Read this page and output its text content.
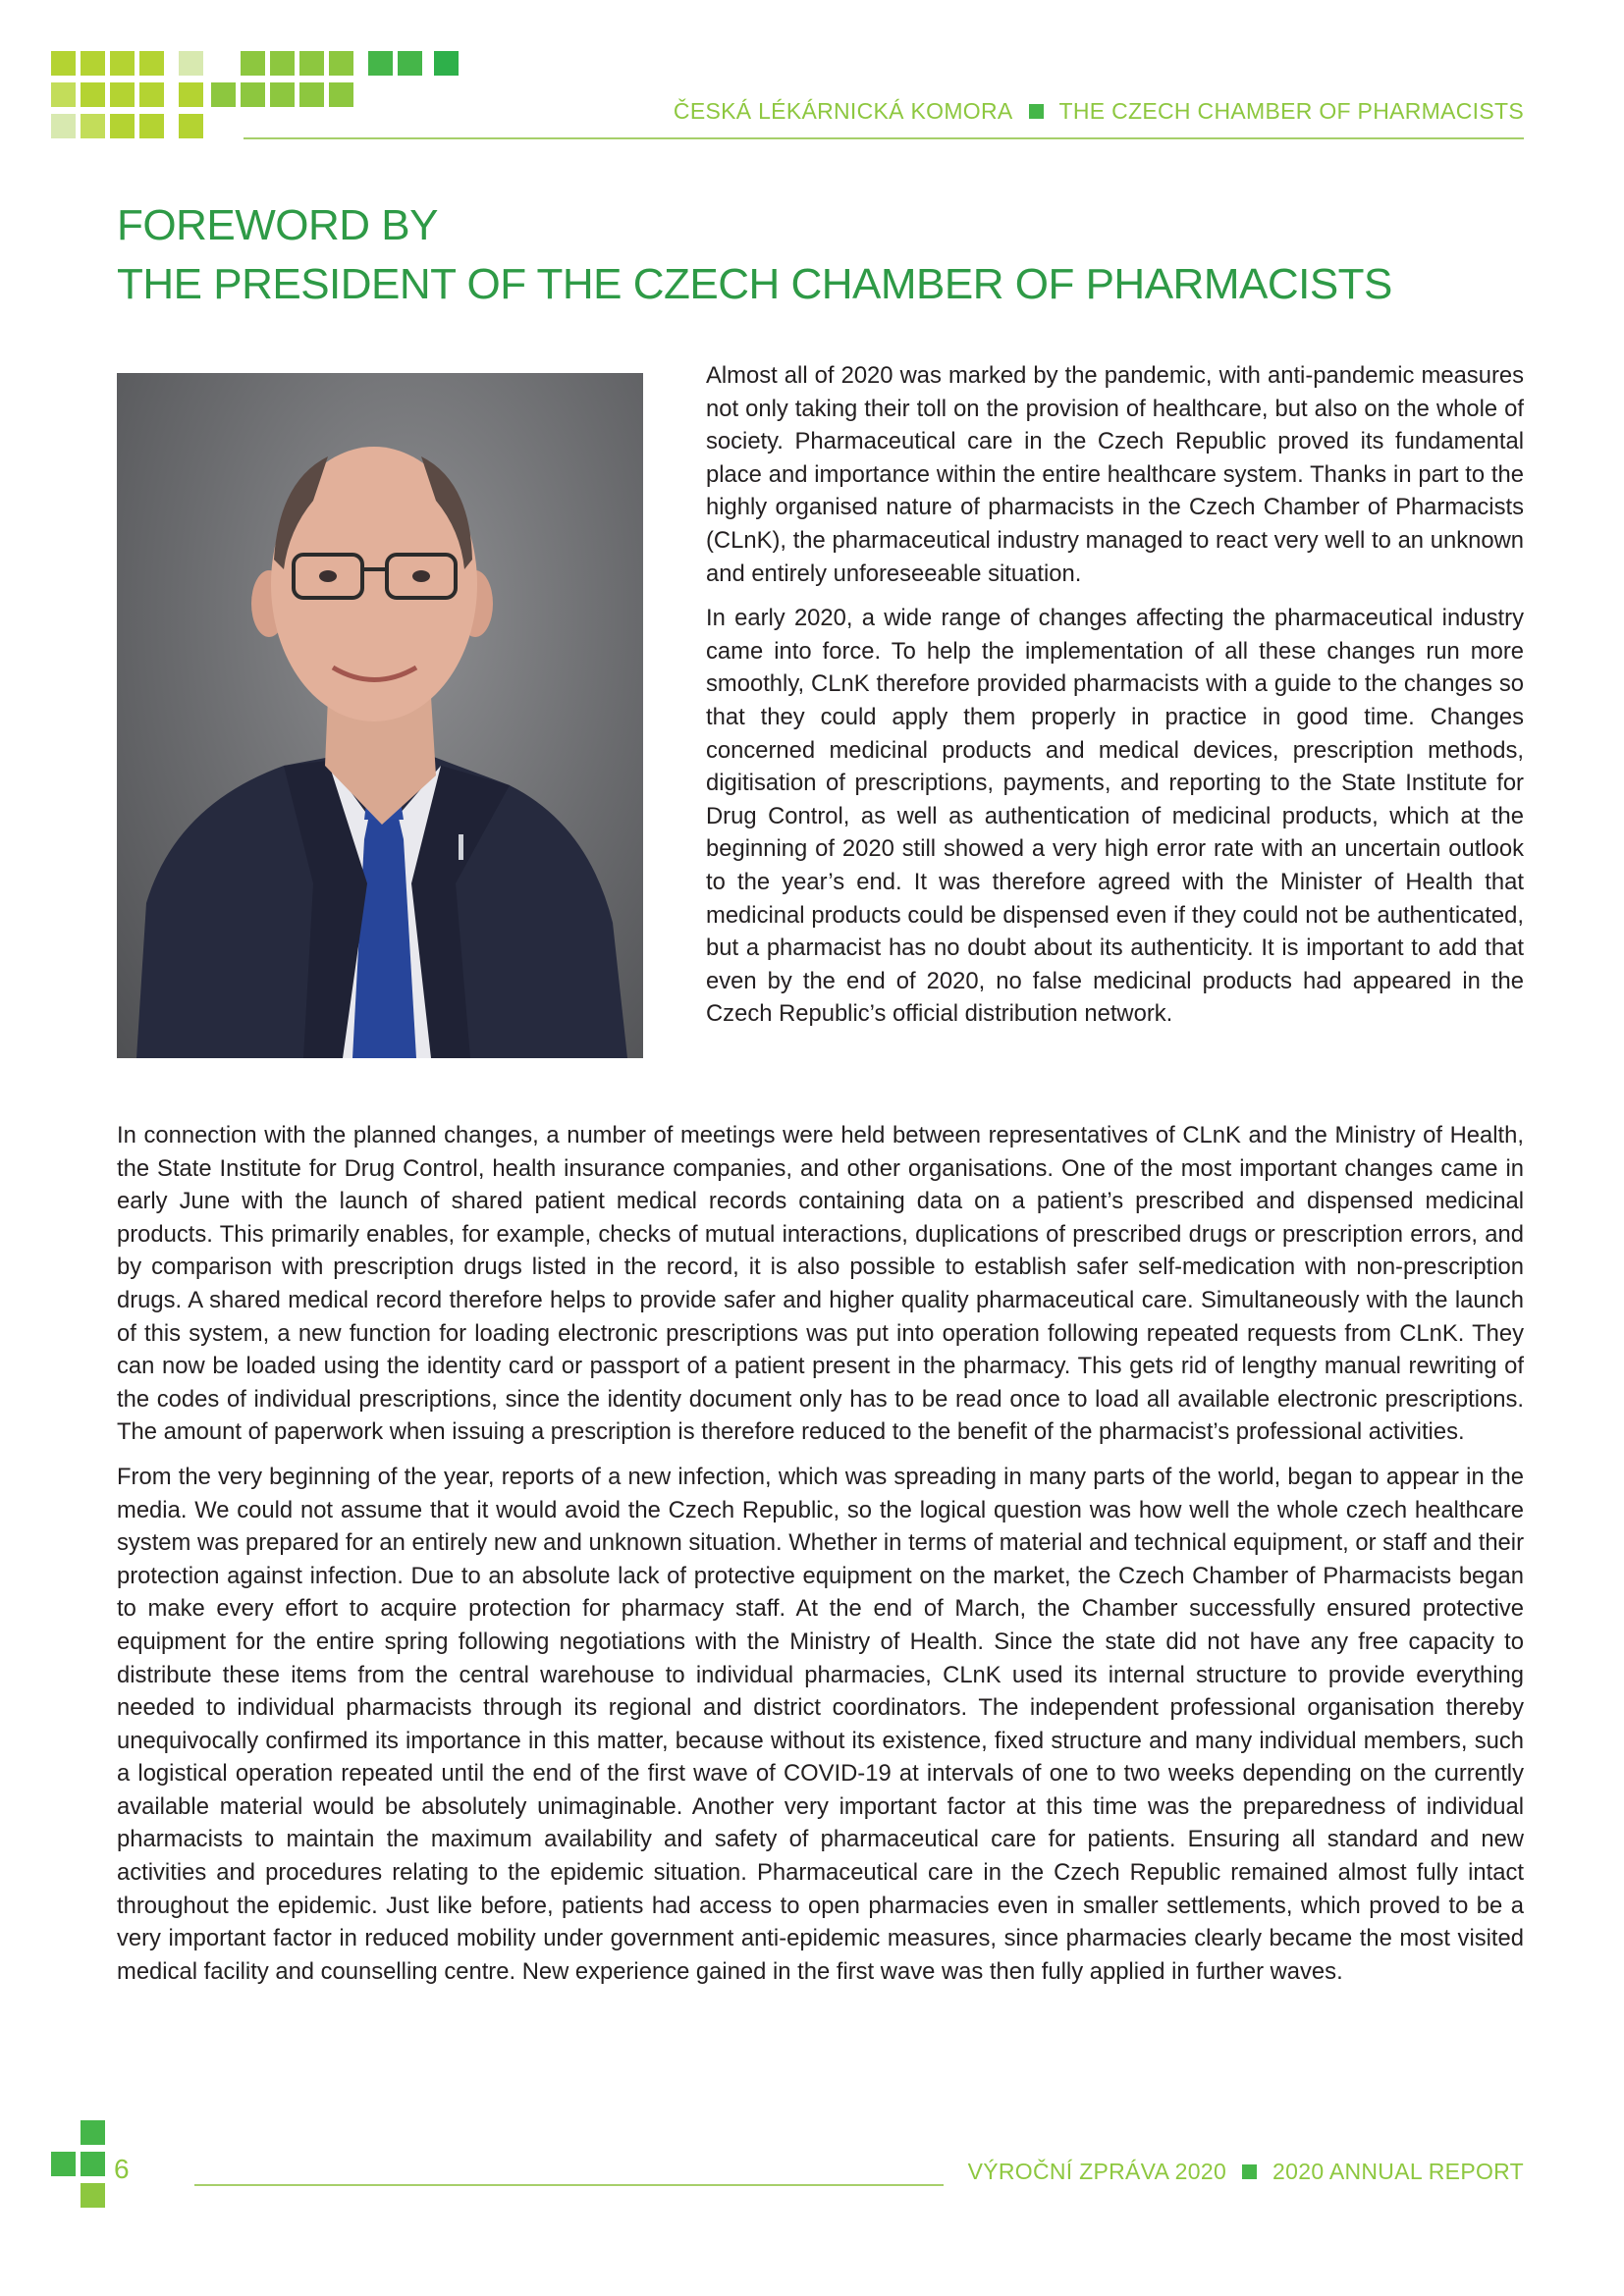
ČESKÁ LÉKÁRNICKÁ KOMORA THE CZECH CHAMBER OF PHARMACISTS
FOREWORD BY
THE PRESIDENT OF THE CZECH CHAMBER OF PHARMACISTS

Almost all of 2020 was marked by the pandemic, with anti-pandemic measures not only taking their toll on the provision of healthcare, but also on the whole of society. Pharmaceutical care in the Czech Republic proved its fundamental place and importance within the entire healthcare system. Thanks in part to the highly organised nature of pharmacists in the Czech Chamber of Pharmacists (CLnK), the pharmaceutical industry managed to react very well to an unknown and entirely unforeseeable situation.

In early 2020, a wide range of changes affecting the pharmaceutical industry came into force. To help the implementation of all these changes run more smoothly, CLnK therefore provided pharmacists with a guide to the changes so that they could apply them properly in practice in good time. Changes concerned medicinal products and medical devices, prescription methods, digitisation of prescriptions, payments, and reporting to the State Institute for Drug Control, as well as authentication of medicinal products, which at the beginning of 2020 still showed a very high error rate with an uncertain outlook to the year’s end. It was therefore agreed with the Minister of Health that medicinal products could be dispensed even if they could not be authenticated, but a pharmacist has no doubt about its authenticity. It is important to add that even by the end of 2020, no false medicinal products had appeared in the Czech Republic’s official distribution network.

In connection with the planned changes, a number of meetings were held between representatives of CLnK and the Ministry of Health, the State Institute for Drug Control, health insurance companies, and other organisations. One of the most important changes came in early June with the launch of shared patient medical records containing data on a patient’s prescribed and dispensed medicinal products. This primarily enables, for example, checks of mutual interactions, duplications of prescribed drugs or prescription errors, and by comparison with prescription drugs listed in the record, it is also possible to establish safer self-medication with non-prescription drugs. A shared medical record therefore helps to provide safer and higher quality pharmaceutical care. Simultaneously with the launch of this system, a new function for loading electronic prescriptions was put into operation following repeated requests from CLnK. They can now be loaded using the identity card or passport of a patient present in the pharmacy. This gets rid of lengthy manual rewriting of the codes of individual prescriptions, since the identity document only has to be read once to load all available electronic prescriptions. The amount of paperwork when issuing a prescription is therefore reduced to the benefit of the pharmacist’s professional activities.

From the very beginning of the year, reports of a new infection, which was spreading in many parts of the world, began to appear in the media. We could not assume that it would avoid the Czech Republic, so the logical question was how well the whole czech healthcare system was prepared for an entirely new and unknown situation. Whether in terms of material and technical equipment, or staff and their protection against infection. Due to an absolute lack of protective equipment on the market, the Czech Chamber of Pharmacists began to make every effort to acquire protection for pharmacy staff. At the end of March, the Chamber successfully ensured protective equipment for the entire spring following negotiations with the Ministry of Health. Since the state did not have any free capacity to distribute these items from the central warehouse to individual pharmacies, CLnK used its internal structure to provide everything needed to individual pharmacists through its regional and district coordinators. The independent professional organisation thereby unequivocally confirmed its importance in this matter, because without its existence, fixed structure and many individual members, such a logistical operation repeated until the end of the first wave of COVID-19 at intervals of one to two weeks depending on the currently available material would be absolutely unimaginable. Another very important factor at this time was the preparedness of individual pharmacists to maintain the maximum availability and safety of pharmaceutical care for patients. Ensuring all standard and new activities and procedures relating to the epidemic situation. Pharmaceutical care in the Czech Republic remained almost fully intact throughout the epidemic. Just like before, patients had access to open pharmacies even in smaller settlements, which proved to be a very important factor in reduced mobility under government anti-epidemic measures, since pharmacies clearly became the most visited medical facility and counselling centre. New experience gained in the first wave was then fully applied in further waves.

6	VÝROČNÍ ZPRÁVA 2020 2020 ANNUAL REPORT
